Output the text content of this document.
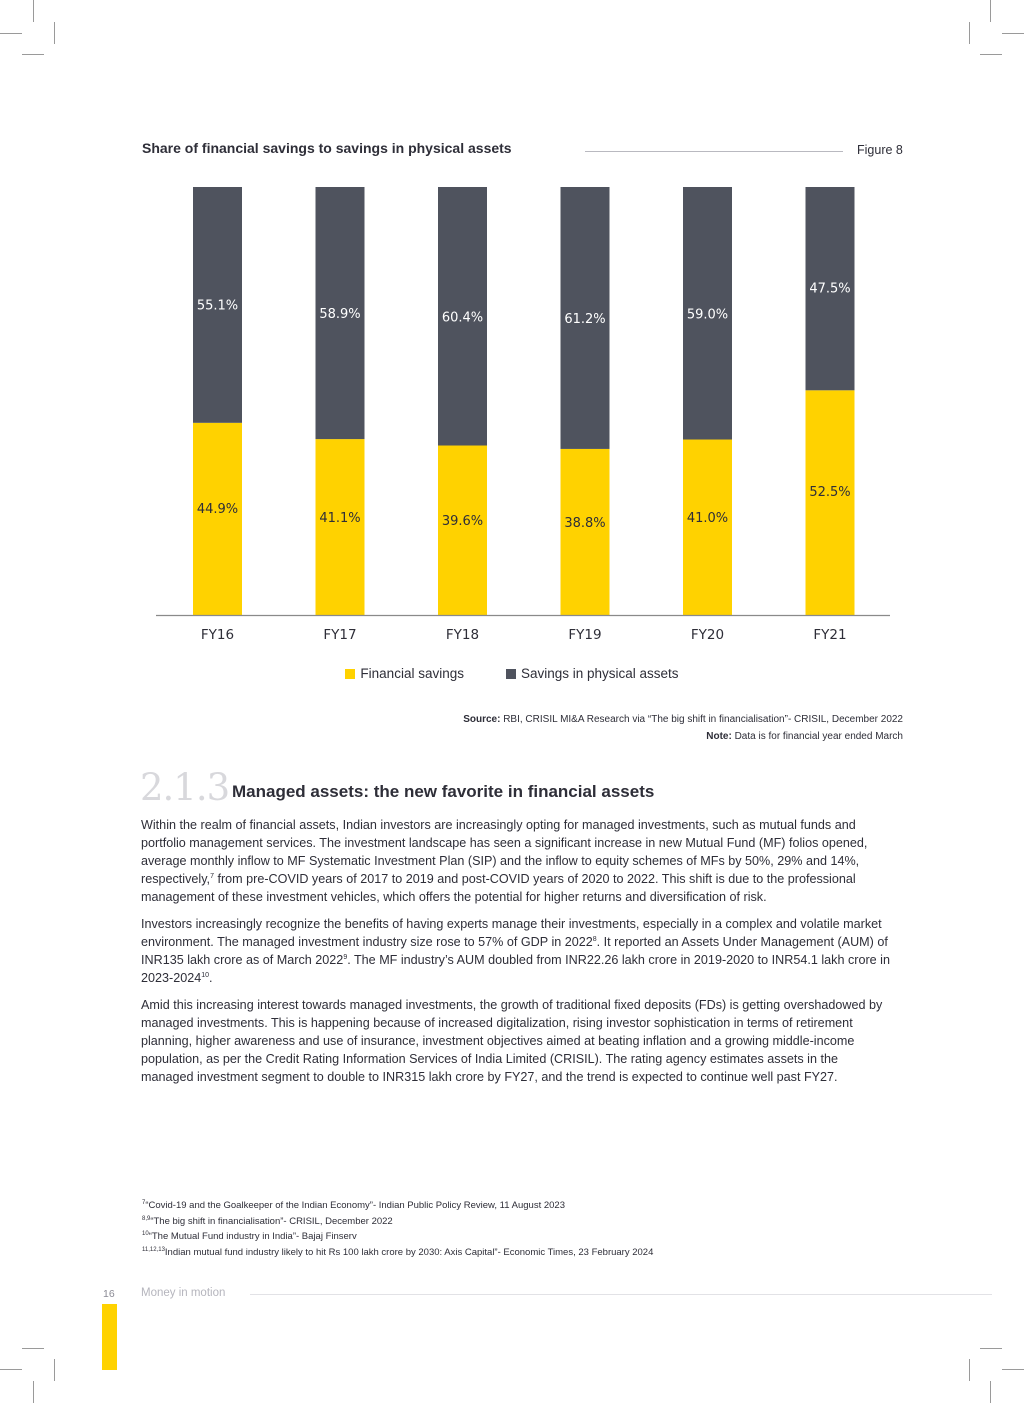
Share of financial savings to savings in physical assets	Figure 8
44.9%
55.1%
FY16
41.1%
58.9%
FY17
39.6%
60.4%
FY18
38.8%
61.2%
FY19
41.0%
59.0%
FY20
52.5%
47.5%
FY21
Financial savings	Savings in physical assets
Source: RBI, CRISIL MI&A Research via “The big shift in financialisation”- CRISIL, December 2022
Note: Data is for financial year ended March
2.1.3 Managed assets: the new favorite in financial assets

Within the realm of financial assets, Indian investors are increasingly opting for managed investments, such as mutual funds and portfolio management services. The investment landscape has seen a significant increase in new Mutual Fund (MF) folios opened, average monthly inflow to MF Systematic Investment Plan (SIP) and the inflow to equity schemes of MFs by 50%, 29% and 14%, respectively,$^7$ from pre-COVID years of 2017 to 2019 and post-COVID years of 2020 to 2022. This shift is due to the professional management of these investment vehicles, which offers the potential for higher returns and diversification of risk.

Investors increasingly recognize the benefits of having experts manage their investments, especially in a complex and volatile market environment. The managed investment industry size rose to 57% of GDP in 2022$^8$. It reported an Assets Under Management (AUM) of INR135 lakh crore as of March 2022$^9$. The MF industry’s AUM doubled from INR22.26 lakh crore in 2019-2020 to INR54.1 lakh crore in 2023-2024$^{10}$.

Amid this increasing interest towards managed investments, the growth of traditional fixed deposits (FDs) is getting overshadowed by managed investments. This is happening because of increased digitalization, rising investor sophistication in terms of retirement planning, higher awareness and use of insurance, investment objectives aimed at beating inflation and a growing middle-income population, as per the Credit Rating Information Services of India Limited (CRISIL). The rating agency estimates assets in the managed investment segment to double to INR315 lakh crore by FY27, and the trend is expected to continue well past FY27.

$^7$“Covid-19 and the Goalkeeper of the Indian Economy”- Indian Public Policy Review, 11 August 2023
$^{8,9}$“The big shift in financialisation”- CRISIL, December 2022
$^{10}$“The Mutual Fund industry in India”- Bajaj Finserv
$^{11,12,13}$Indian mutual fund industry likely to hit Rs 100 lakh crore by 2030: Axis Capital”- Economic Times, 23 February 2024
16 Money in motion
